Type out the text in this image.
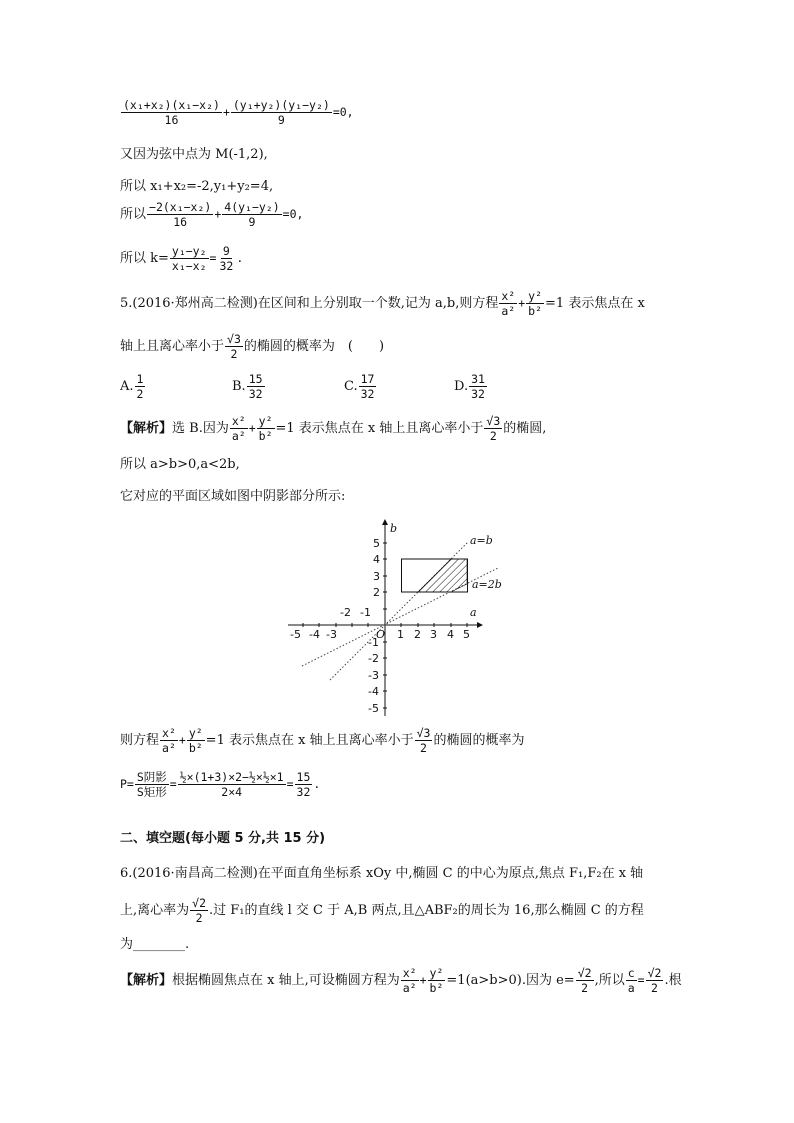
$\frac{\text{(x₁+x₂)(x₁−x₂)}}{16} + \frac{\text{(y₁+y₂)(y₁−y₂)}}{9} =0$,
又因为弦中点为 M(-1,2),
所以 x₁+x₂=-2,y₁+y₂=4,
所以 $\frac{\text{−2(x₁−x₂)}}{16} + \frac{\text{4(y₁−y₂)}}{9} =0$,
所以 $k= \frac{\text{y₁−y₂}}{\text{x₁−x₂}} = \frac{9}{32}$ .
5.(2016·郑州高二检测)在区间和上分别取一个数,记为 a,b,则方程 $\frac{\text{x²}}{\text{a²}} + \frac{\text{y²}}{\text{b²}} =1$ 表示焦点在 x
轴上且离心率小于 $\frac{√3}{2}$ 的椭圆的概率为　(　　)
A. $\frac{1}{2}$	B. $\frac{15}{32}$	C. $\frac{17}{32}$	D. $\frac{31}{32}$
【解析】选 B.因为 $\frac{\text{x²}}{\text{a²}} + \frac{\text{y²}}{\text{b²}} =1$ 表示焦点在 x 轴上且离心率小于 $\frac{√3}{2}$ 的椭圆,
所以 a>b>0,a<2b,
它对应的平面区域如图中阴影部分所示:
-5 -4 -3	1 2 3 4 5
-2 -1
5
4
3
2
-1
-2
-3
-4
-5
O
b
a
a=b
a=2b
则方程 $\frac{\text{x²}}{\text{a²}} + \frac{\text{y²}}{\text{b²}} =1$ 表示焦点在 x 轴上且离心率小于 $\frac{√3}{2}$ 的椭圆的概率为
$P= \frac{\text{S阴影}}{\text{S矩形}} = \frac{\text{½×(1+3)×2−½×½×1}}{2\times 4} = \frac{15}{32}$ .
二、填空题(每小题 5 分,共 15 分)
6.(2016·南昌高二检测)在平面直角坐标系 xOy 中,椭圆 C 的中心为原点,焦点 F₁,F₂在 x 轴
上,离心率为 $\frac{√2}{2}$ .过 F₁的直线 l 交 C 于 A,B 两点,且△ABF₂的周长为 16,那么椭圆 C 的方程
为________.
【解析】根据椭圆焦点在 x 轴上,可设椭圆方程为 $\frac{\text{x²}}{\text{a²}} + \frac{\text{y²}}{\text{b²}} =1(a>b>0)$.因为 $e= \frac{√2}{2}$ ,所以 $\frac{c}{a} = \frac{√2}{2}$ .根
